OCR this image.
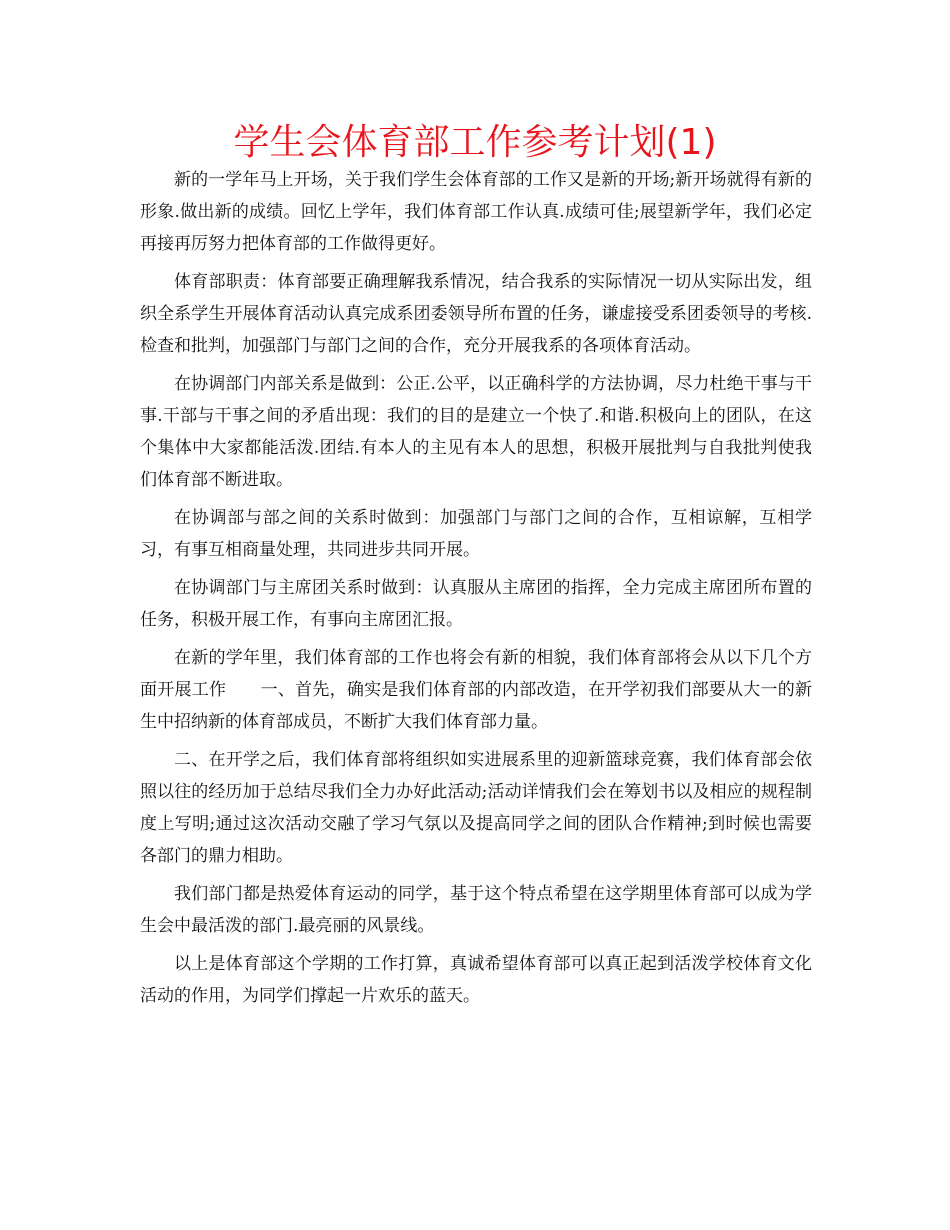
学生会体育部工作参考计划(1)

新的一学年马上开场，关于我们学生会体育部的工作又是新的开场;新开场就得有新的形象.做出新的成绩。回忆上学年，我们体育部工作认真.成绩可佳;展望新学年，我们必定再接再厉努力把体育部的工作做得更好。

体育部职责：体育部要正确理解我系情况，结合我系的实际情况一切从实际出发，组织全系学生开展体育活动认真完成系团委领导所布置的任务，谦虚接受系团委领导的考核.检查和批判，加强部门与部门之间的合作，充分开展我系的各项体育活动。

在协调部门内部关系是做到：公正.公平，以正确科学的方法协调，尽力杜绝干事与干事.干部与干事之间的矛盾出现：我们的目的是建立一个快了.和谐.积极向上的团队，在这个集体中大家都能活泼.团结.有本人的主见有本人的思想，积极开展批判与自我批判使我们体育部不断进取。

在协调部与部之间的关系时做到：加强部门与部门之间的合作，互相谅解，互相学习，有事互相商量处理，共同进步共同开展。

在协调部门与主席团关系时做到：认真服从主席团的指挥，全力完成主席团所布置的任务，积极开展工作，有事向主席团汇报。

在新的学年里，我们体育部的工作也将会有新的相貌，我们体育部将会从以下几个方面开展工作　　一、首先，确实是我们体育部的内部改造，在开学初我们部要从大一的新生中招纳新的体育部成员，不断扩大我们体育部力量。

二、在开学之后，我们体育部将组织如实进展系里的迎新篮球竞赛，我们体育部会依照以往的经历加于总结尽我们全力办好此活动;活动详情我们会在筹划书以及相应的规程制度上写明;通过这次活动交融了学习气氛以及提高同学之间的团队合作精神;到时候也需要各部门的鼎力相助。

我们部门都是热爱体育运动的同学，基于这个特点希望在这学期里体育部可以成为学生会中最活泼的部门.最亮丽的风景线。

以上是体育部这个学期的工作打算，真诚希望体育部可以真正起到活泼学校体育文化活动的作用，为同学们撑起一片欢乐的蓝天。
